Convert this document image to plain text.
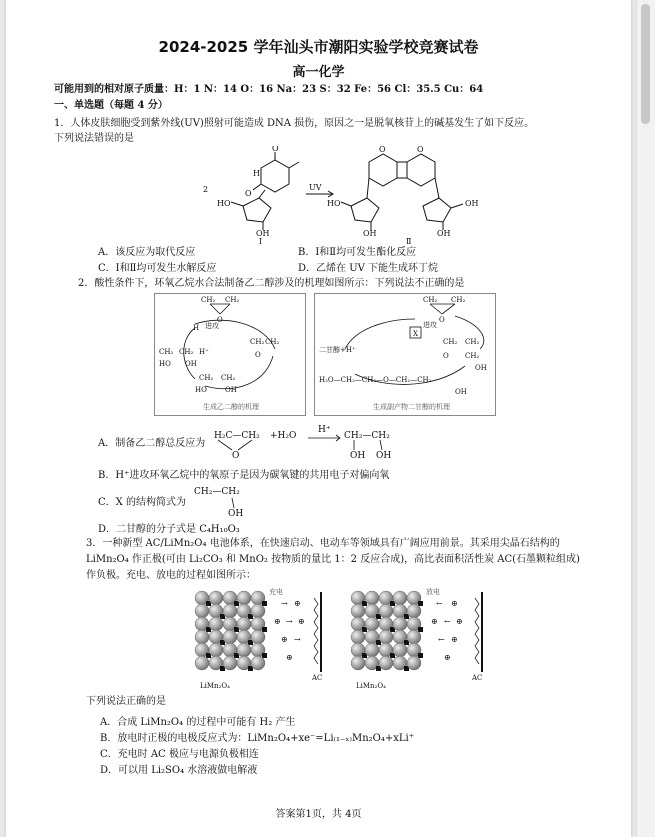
2024-2025 学年汕头市潮阳实验学校竞赛试卷
高一化学
可能用到的相对原子质量：H：1 N：14 O：16 Na：23 S：32 Fe：56 Cl：35.5 Cu：64
一、单选题（每题 4 分）
1．人体皮肤细胞受到紫外线(UV)照射可能造成 DNA 损伤，原因之一是脱氧核苷上的碱基发生了如下反应。
下列说法错误的是
2
HO
O
H
O
OH
Ⅰ
UV
HO
O	O
OH	OH
OH
Ⅱ
A．该反应为取代反应	B．Ⅰ和Ⅱ均可发生酯化反应
C．Ⅰ和Ⅱ均可发生水解反应	D．乙烯在 UV 下能生成环丁烷
2．酸性条件下，环氧乙烷水合法制备乙二醇涉及的机理如图所示：下列说法不正确的是
CH₂ CH₂
O
进攻
H
CH₂ CH₂
O
CH₂ CH₂ H⁺
HO OH
CH₂ CH₂
HO	OH
生成乙二醇的机理
CH₂ CH₂
O
进攻
X
CH₂ CH₂
O CH₂
OH
二甘醇+H⁺
H₂O—CH₂—CH₂—O—CH₂—CH₂
OH
生成副产物二甘醇的机理
A．制备乙二醇总反应为
H₂C—CH₂
O
+H₂O
H⁺
CH₂—CH₂
OH OH
B．H⁺进攻环氧乙烷中的氧原子是因为碳氧键的共用电子对偏向氧
C．X 的结构简式为
CH₂—CH₂
OH
D．二甘醇的分子式是 C₄H₁₀O₃
3．一种新型 AC/LiMn₂O₄ 电池体系，在快速启动、电动车等领域具有广阔应用前景。其采用尖晶石结构的
LiMn₂O₄ 作正极(可由 Li₂CO₃ 和 MnO₂ 按物质的量比 1：2 反应合成)，高比表面积活性炭 AC(石墨颗粒组成)
作负极。充电、放电的过程如图所示：
→ ⊕
⊕ → ⊕
⊕ →
⊕
← ⊕
⊕ ← ⊕
← ⊕
⊕
充电	放电
LiMn₂O₄	LiMn₂O₄
AC	AC
下列说法正确的是
A．合成 LiMn₂O₄ 的过程中可能有 H₂ 产生
B．放电时正极的电极反应式为：LiMn₂O₄+xe⁻=Li₍₁₋ₓ₎Mn₂O₄+xLi⁺
C．充电时 AC 极应与电源负极相连
D．可以用 Li₂SO₄ 水溶液做电解液
答案第1页，共 4页
